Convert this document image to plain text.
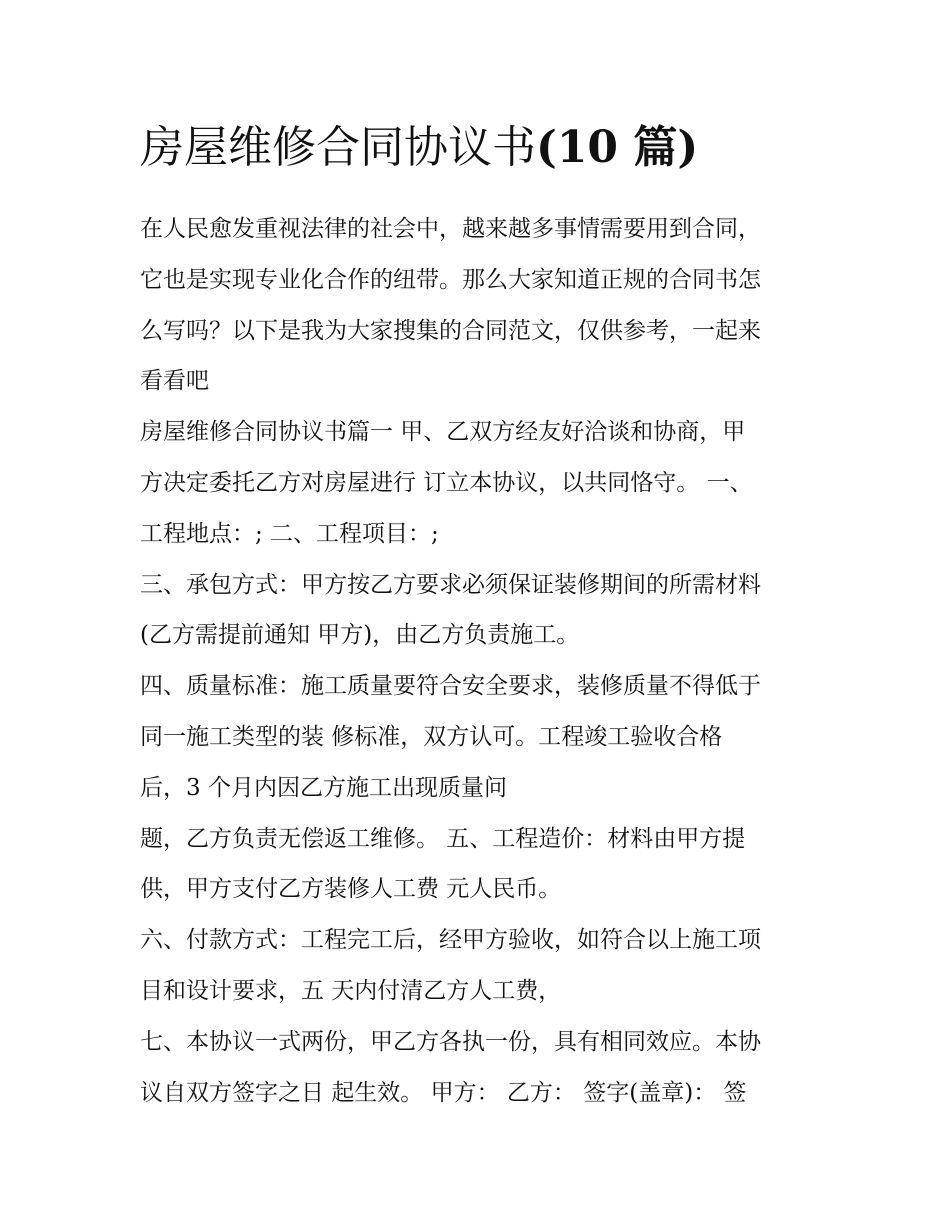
房屋维修合同协议书(10 篇)

在人民愈发重视法律的社会中，越来越多事情需要用到合同，
它也是实现专业化合作的纽带。那么大家知道正规的合同书怎
么写吗？以下是我为大家搜集的合同范文，仅供参考，一起来
看看吧

房屋维修合同协议书篇一 甲、乙双方经友好洽谈和协商，甲
方决定委托乙方对房屋进行 订立本协议，以共同恪守。 一、
工程地点：; 二、工程项目：;

三、承包方式：甲方按乙方要求必须保证装修期间的所需材料
(乙方需提前通知 甲方)，由乙方负责施工。

四、质量标准：施工质量要符合安全要求，装修质量不得低于
同一施工类型的装 修标准，双方认可。工程竣工验收合格
后，3 个月内因乙方施工出现质量问

题，乙方负责无偿返工维修。 五、工程造价：材料由甲方提
供，甲方支付乙方装修人工费 元人民币。

六、付款方式：工程完工后，经甲方验收，如符合以上施工项
目和设计要求，五 天内付清乙方人工费，

七、本协议一式两份，甲乙方各执一份，具有相同效应。本协
议自双方签字之日 起生效。 甲方： 乙方： 签字(盖章)： 签
